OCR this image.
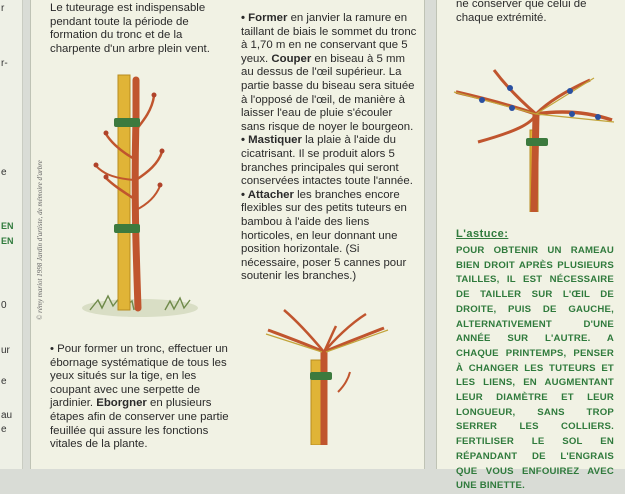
r
r-
e
EN
EN
0
ur
e
au
e

Le tuteurage est indispensable pendant toute la période de formation du tronc et de la charpente d'un arbre plein vent.

© rémy mariot 1998 Jardin d'artiste, de mémoire d'arbre

• Pour former un tronc, effectuer un ébornage systématique de tous les yeux situés sur la tige, en les coupant avec une serpette de jardinier. Eborgner en plusieurs étapes afin de conserver une partie feuillée qui assure les fonctions vitales de la plante.

• Former en janvier la ramure en taillant de biais le sommet du tronc à 1,70 m en ne conservant que 5 yeux. Couper en biseau à 5 mm au dessus de l'œil supérieur. La partie basse du biseau sera située à l'opposé de l'œil, de manière à laisser l'eau de pluie s'écouler sans risque de noyer le bourgeon.

• Mastiquer la plaie à l'aide du cicatrisant. Il se produit alors 5 branches principales qui seront conservées intactes toute l'année.

• Attacher les branches encore flexibles sur des petits tuteurs en bambou à l'aide des liens horticoles, en leur donnant une position horizontale. (Si nécessaire, poser 5 cannes pour soutenir les branches.)

ne conserver que celui de chaque extrémité.

L'astuce:
POUR OBTENIR UN RAMEAU BIEN DROIT APRÈS PLUSIEURS TAILLES, IL EST NÉCESSAIRE DE TAILLER SUR L'ŒIL DE DROITE, PUIS DE GAUCHE, ALTERNATIVEMENT D'UNE ANNÉE SUR L'AUTRE. A CHAQUE PRINTEMPS, PENSER À CHANGER LES TUTEURS ET LES LIENS, EN AUGMENTANT LEUR DIAMÈTRE ET LEUR LONGUEUR, SANS TROP SERRER LES COLLIERS. FERTILISER LE SOL EN RÉPANDANT DE L'ENGRAIS QUE VOUS ENFOUIREZ AVEC UNE BINETTE.
